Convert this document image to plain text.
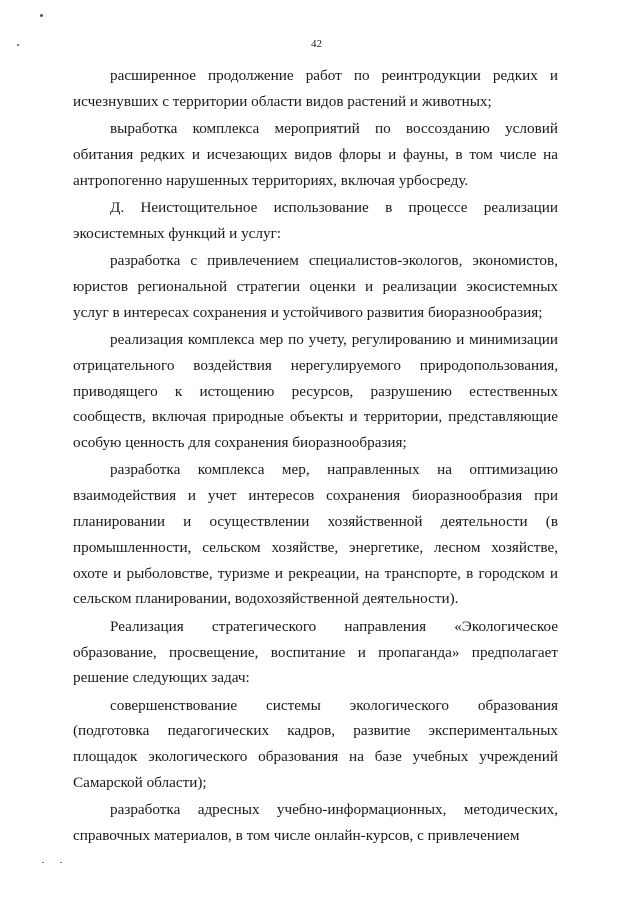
42

расширенное продолжение работ по реинтродукции редких и исчезнувших с территории области видов растений и животных;

выработка комплекса мероприятий по воссозданию условий обитания редких и исчезающих видов флоры и фауны, в том числе на антропогенно нарушенных территориях, включая урбосреду.

Д. Неистощительное использование в процессе реализации экосистемных функций и услуг:

разработка с привлечением специалистов-экологов, экономистов, юристов региональной стратегии оценки и реализации экосистемных услуг в интересах сохранения и устойчивого развития биоразнообразия;

реализация комплекса мер по учету, регулированию и минимизации отрицательного воздействия нерегулируемого природопользования, приводящего к истощению ресурсов, разрушению естественных сообществ, включая природные объекты и территории, представляющие особую ценность для сохранения биоразнообразия;

разработка комплекса мер, направленных на оптимизацию взаимодействия и учет интересов сохранения биоразнообразия при планировании и осуществлении хозяйственной деятельности (в промышленности, сельском хозяйстве, энергетике, лесном хозяйстве, охоте и рыболовстве, туризме и рекреации, на транспорте, в городском и сельском планировании, водохозяйственной деятельности).

Реализация стратегического направления «Экологическое образование, просвещение, воспитание и пропаганда» предполагает решение следующих задач:

совершенствование системы экологического образования (подготовка педагогических кадров, развитие экспериментальных площадок экологического образования на базе учебных учреждений Самарской области);

разработка адресных учебно-информационных, методических, справочных материалов, в том числе онлайн-курсов, с привлечением
